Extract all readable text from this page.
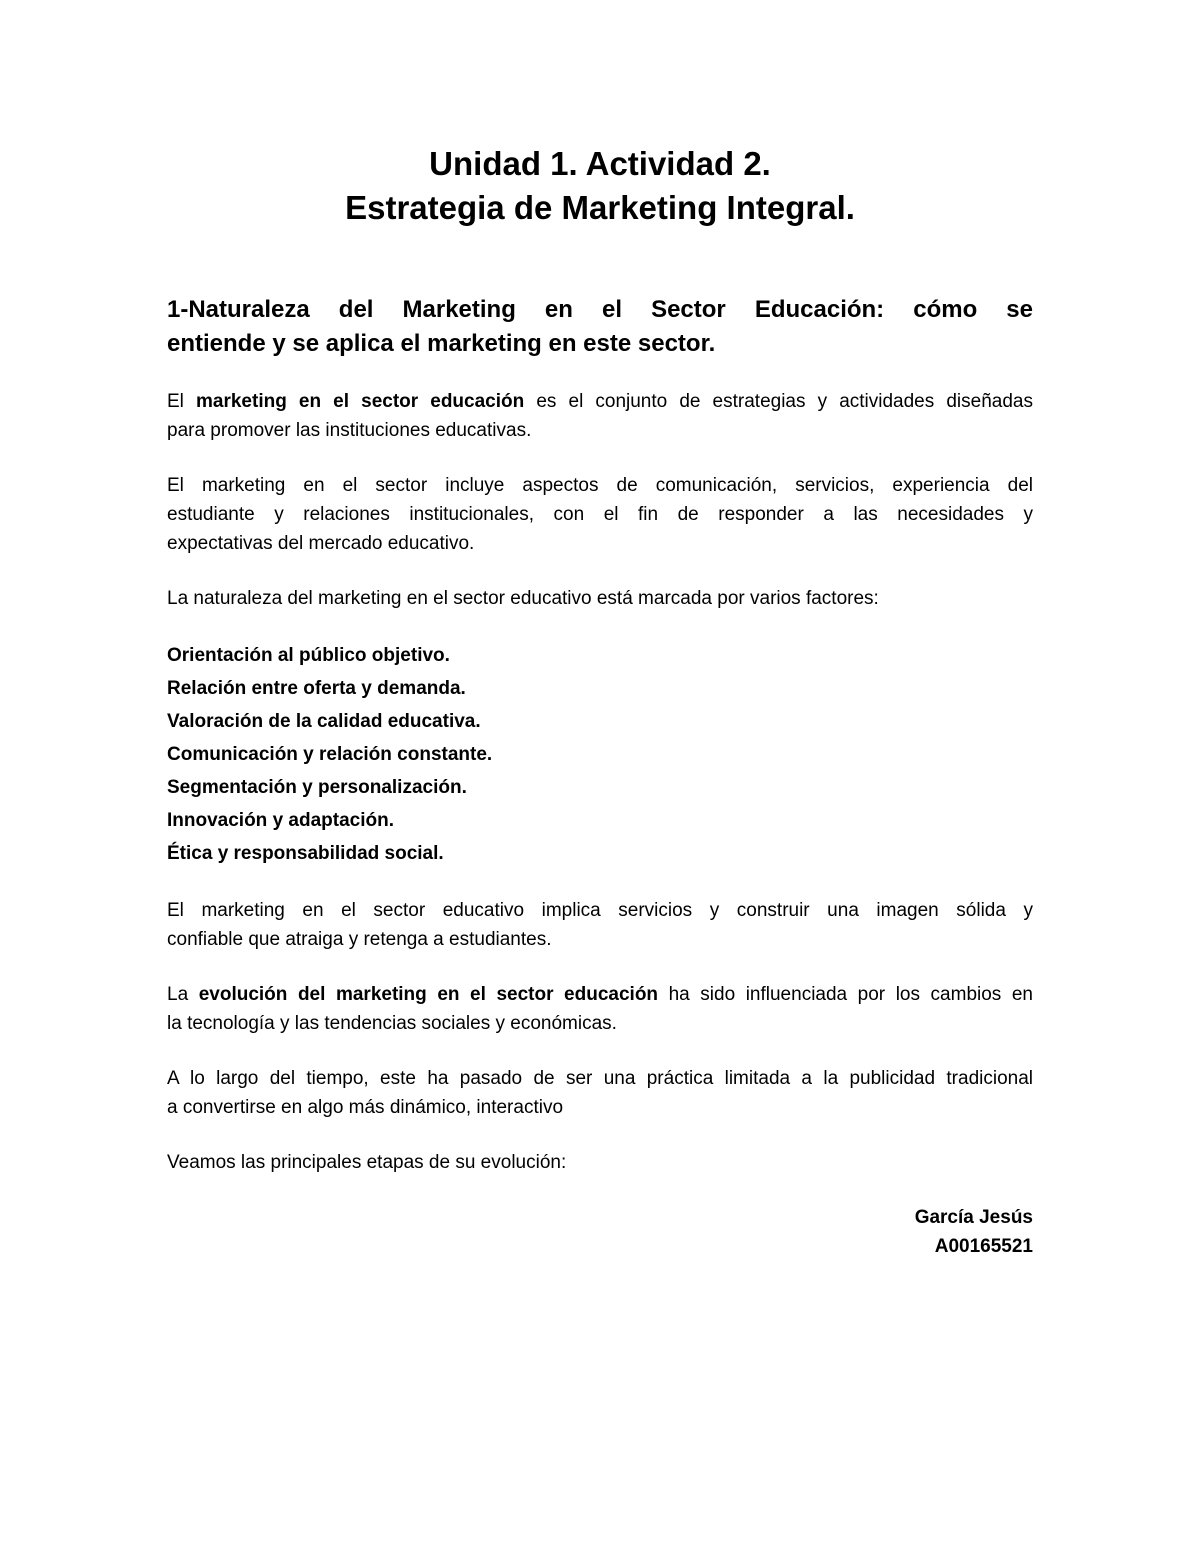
Unidad 1. Actividad 2.
Estrategia de Marketing Integral.
1-Naturaleza del Marketing en el Sector Educación: cómo se
entiende y se aplica el marketing en este sector.

El marketing en el sector educación es el conjunto de estrategias y actividades diseñadas
para promover las instituciones educativas.

El marketing en el sector incluye aspectos de comunicación, servicios, experiencia del
estudiante y relaciones institucionales, con el fin de responder a las necesidades y
expectativas del mercado educativo.

La naturaleza del marketing en el sector educativo está marcada por varios factores:

Orientación al público objetivo.
Relación entre oferta y demanda.
Valoración de la calidad educativa.
Comunicación y relación constante.
Segmentación y personalización.
Innovación y adaptación.
Ética y responsabilidad social.

El marketing en el sector educativo implica servicios y construir una imagen sólida y
confiable que atraiga y retenga a estudiantes.

La evolución del marketing en el sector educación ha sido influenciada por los cambios en
la tecnología y las tendencias sociales y económicas.

A lo largo del tiempo, este ha pasado de ser una práctica limitada a la publicidad tradicional
a convertirse en algo más dinámico, interactivo

Veamos las principales etapas de su evolución:

García Jesús
A00165521
